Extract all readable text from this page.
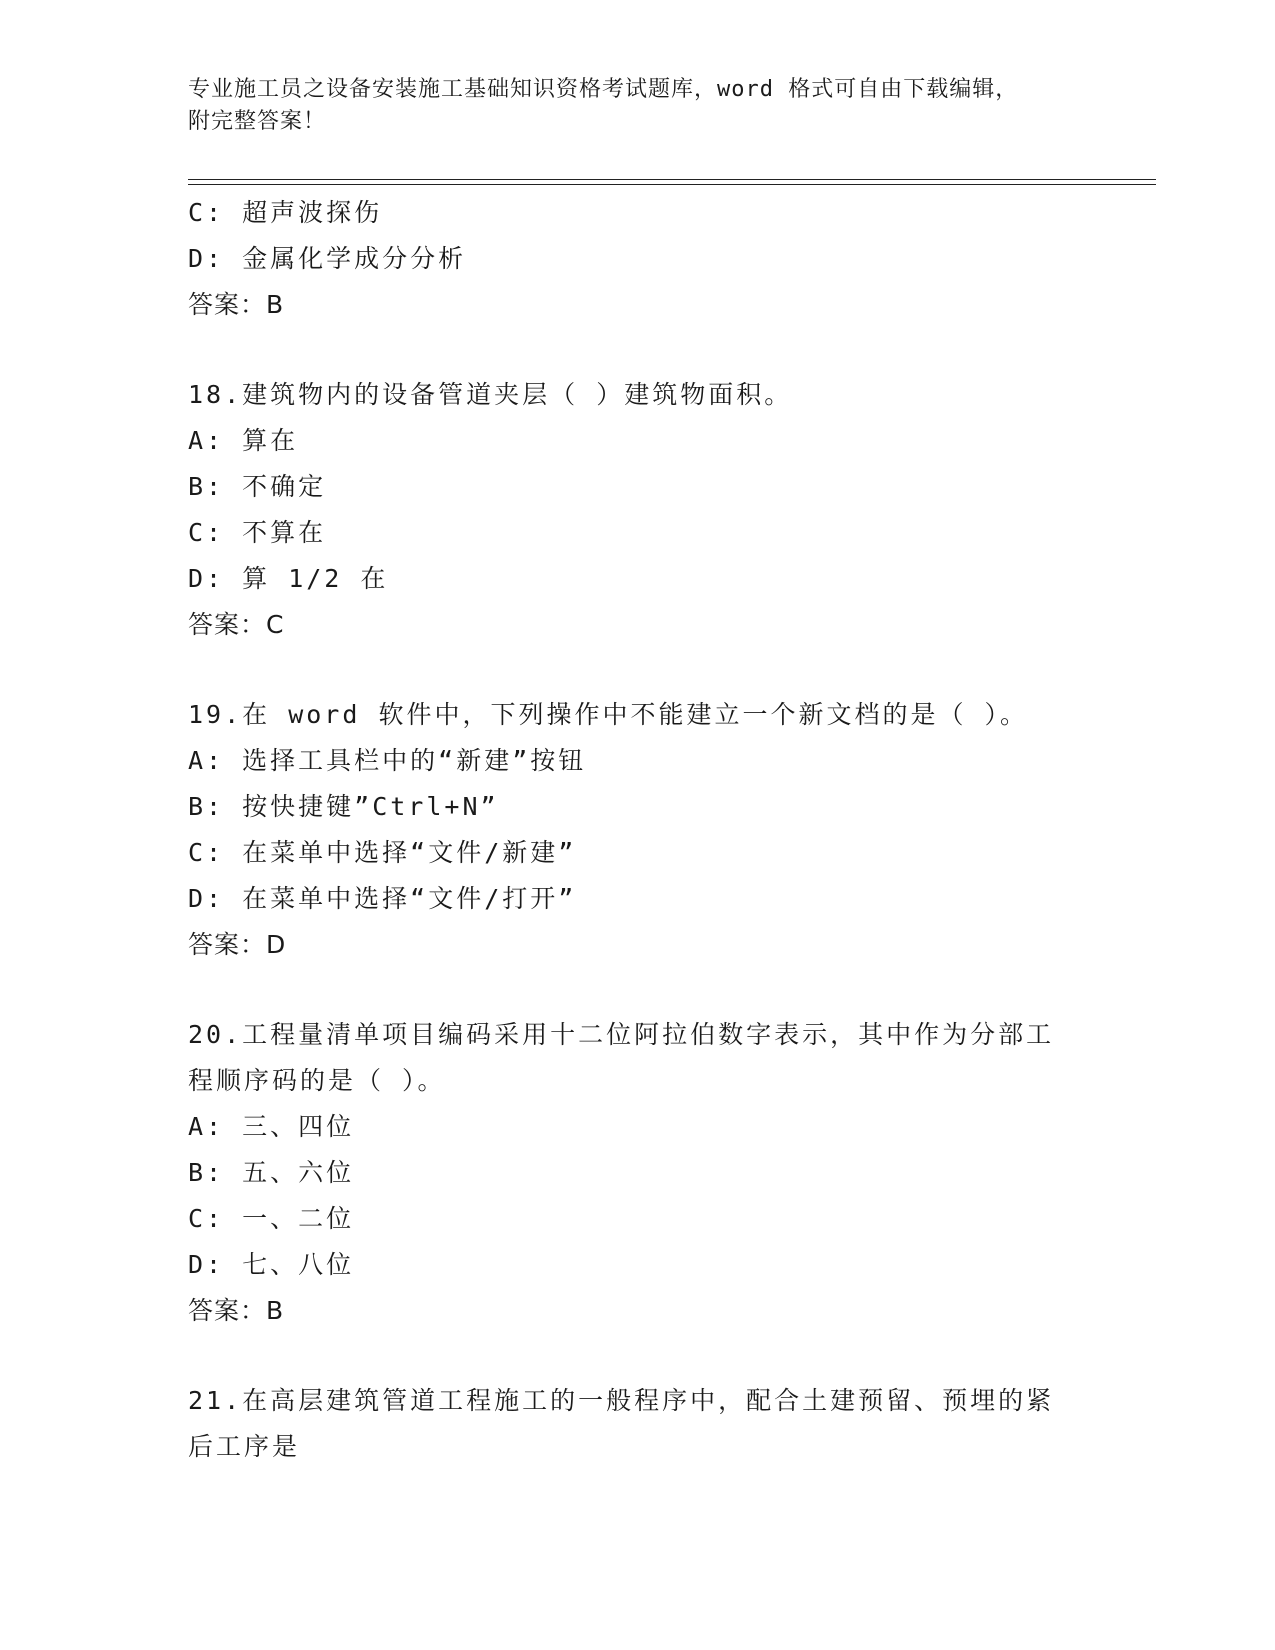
专业施工员之设备安装施工基础知识资格考试题库，word 格式可自由下载编辑，
附完整答案！
C: 超声波探伤
D: 金属化学成分分析
答案：B
18.建筑物内的设备管道夹层（ ）建筑物面积。
A: 算在
B: 不确定
C: 不算在
D: 算 1/2 在
答案：C
19.在 word 软件中，下列操作中不能建立一个新文档的是（ ）。
A: 选择工具栏中的“新建”按钮
B: 按快捷键”Ctrl+N”
C: 在菜单中选择“文件/新建”
D: 在菜单中选择“文件/打开”
答案：D
20.工程量清单项目编码采用十二位阿拉伯数字表示，其中作为分部工
程顺序码的是（ ）。
A: 三、四位
B: 五、六位
C: 一、二位
D: 七、八位
答案：B
21.在高层建筑管道工程施工的一般程序中，配合土建预留、预埋的紧
后工序是
